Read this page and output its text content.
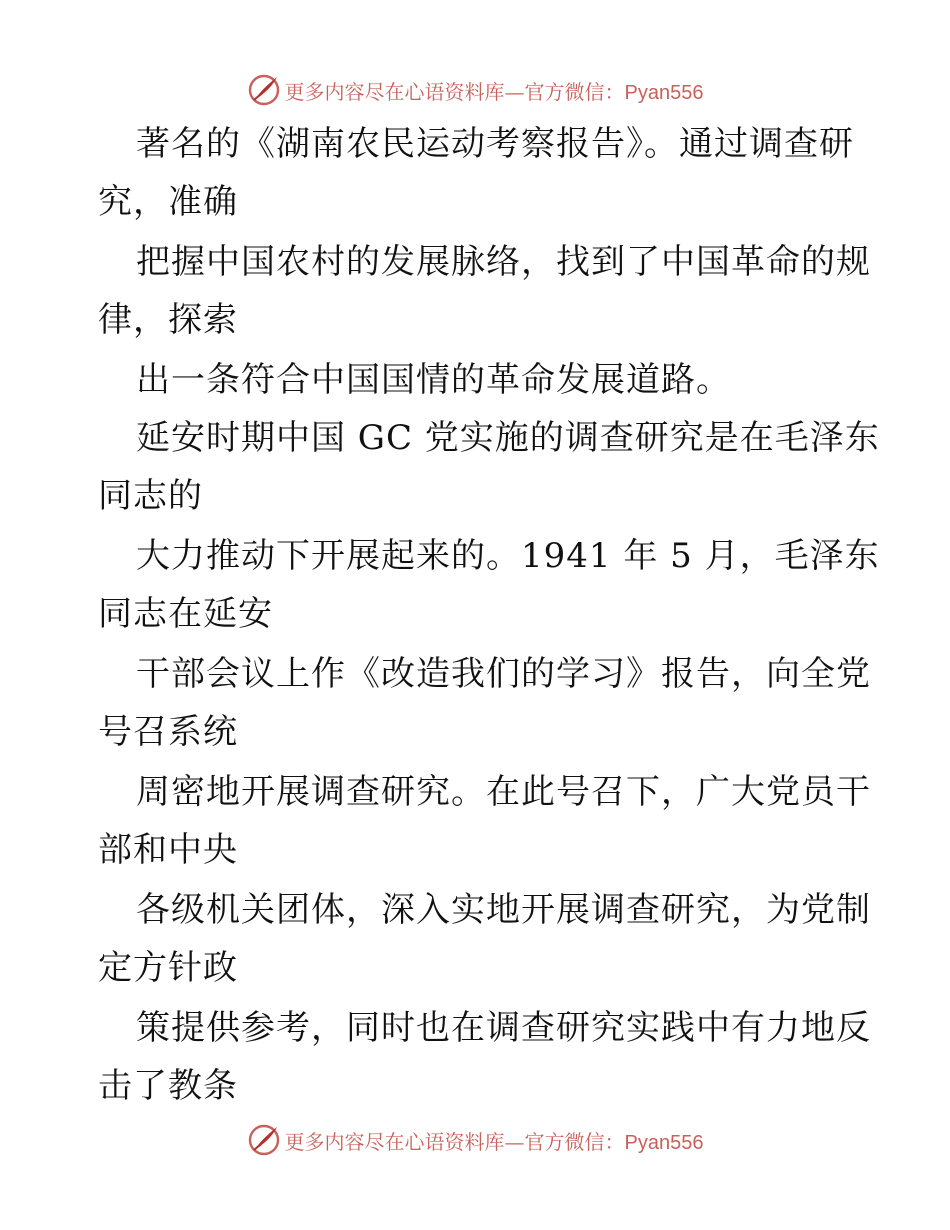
更多内容尽在心语资料库—官方微信：Pyan556
著名的《湖南农民运动考察报告》。通过调查研
究，准确
把握中国农村的发展脉络，找到了中国革命的规
律，探索
出一条符合中国国情的革命发展道路。
延安时期中国 GC 党实施的调查研究是在毛泽东
同志的
大力推动下开展起来的。1941 年 5 月，毛泽东
同志在延安
干部会议上作《改造我们的学习》报告，向全党
号召系统
周密地开展调查研究。在此号召下，广大党员干
部和中央
各级机关团体，深入实地开展调查研究，为党制
定方针政
策提供参考，同时也在调查研究实践中有力地反
击了教条
更多内容尽在心语资料库—官方微信：Pyan556
